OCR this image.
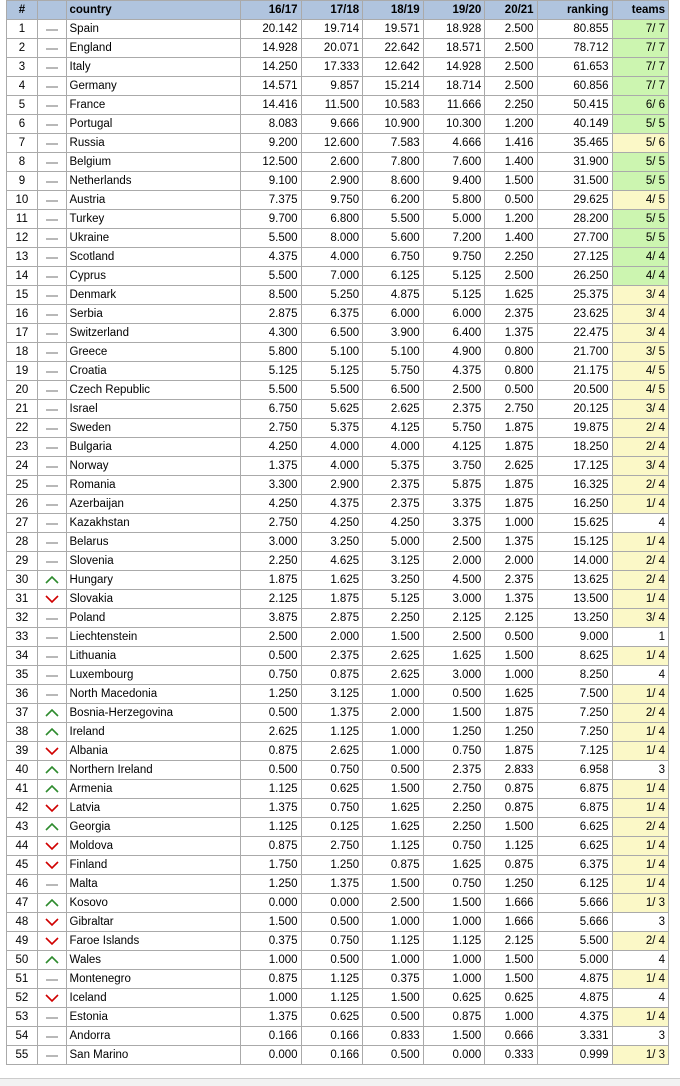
#		country	16/17	17/18	18/19	19/20	20/21	ranking	teams
1		Spain	20.142	19.714	19.571	18.928	2.500	80.855	7/ 7
2		England	14.928	20.071	22.642	18.571	2.500	78.712	7/ 7
3		Italy	14.250	17.333	12.642	14.928	2.500	61.653	7/ 7
4		Germany	14.571	9.857	15.214	18.714	2.500	60.856	7/ 7
5		France	14.416	11.500	10.583	11.666	2.250	50.415	6/ 6
6		Portugal	8.083	9.666	10.900	10.300	1.200	40.149	5/ 5
7		Russia	9.200	12.600	7.583	4.666	1.416	35.465	5/ 6
8		Belgium	12.500	2.600	7.800	7.600	1.400	31.900	5/ 5
9		Netherlands	9.100	2.900	8.600	9.400	1.500	31.500	5/ 5
10		Austria	7.375	9.750	6.200	5.800	0.500	29.625	4/ 5
11		Turkey	9.700	6.800	5.500	5.000	1.200	28.200	5/ 5
12		Ukraine	5.500	8.000	5.600	7.200	1.400	27.700	5/ 5
13		Scotland	4.375	4.000	6.750	9.750	2.250	27.125	4/ 4
14		Cyprus	5.500	7.000	6.125	5.125	2.500	26.250	4/ 4
15		Denmark	8.500	5.250	4.875	5.125	1.625	25.375	3/ 4
16		Serbia	2.875	6.375	6.000	6.000	2.375	23.625	3/ 4
17		Switzerland	4.300	6.500	3.900	6.400	1.375	22.475	3/ 4
18		Greece	5.800	5.100	5.100	4.900	0.800	21.700	3/ 5
19		Croatia	5.125	5.125	5.750	4.375	0.800	21.175	4/ 5
20		Czech Republic	5.500	5.500	6.500	2.500	0.500	20.500	4/ 5
21		Israel	6.750	5.625	2.625	2.375	2.750	20.125	3/ 4
22		Sweden	2.750	5.375	4.125	5.750	1.875	19.875	2/ 4
23		Bulgaria	4.250	4.000	4.000	4.125	1.875	18.250	2/ 4
24		Norway	1.375	4.000	5.375	3.750	2.625	17.125	3/ 4
25		Romania	3.300	2.900	2.375	5.875	1.875	16.325	2/ 4
26		Azerbaijan	4.250	4.375	2.375	3.375	1.875	16.250	1/ 4
27		Kazakhstan	2.750	4.250	4.250	3.375	1.000	15.625	4
28		Belarus	3.000	3.250	5.000	2.500	1.375	15.125	1/ 4
29		Slovenia	2.250	4.625	3.125	2.000	2.000	14.000	2/ 4
30		Hungary	1.875	1.625	3.250	4.500	2.375	13.625	2/ 4
31		Slovakia	2.125	1.875	5.125	3.000	1.375	13.500	1/ 4
32		Poland	3.875	2.875	2.250	2.125	2.125	13.250	3/ 4
33		Liechtenstein	2.500	2.000	1.500	2.500	0.500	9.000	1
34		Lithuania	0.500	2.375	2.625	1.625	1.500	8.625	1/ 4
35		Luxembourg	0.750	0.875	2.625	3.000	1.000	8.250	4
36		North Macedonia	1.250	3.125	1.000	0.500	1.625	7.500	1/ 4
37		Bosnia-Herzegovina	0.500	1.375	2.000	1.500	1.875	7.250	2/ 4
38		Ireland	2.625	1.125	1.000	1.250	1.250	7.250	1/ 4
39		Albania	0.875	2.625	1.000	0.750	1.875	7.125	1/ 4
40		Northern Ireland	0.500	0.750	0.500	2.375	2.833	6.958	3
41		Armenia	1.125	0.625	1.500	2.750	0.875	6.875	1/ 4
42		Latvia	1.375	0.750	1.625	2.250	0.875	6.875	1/ 4
43		Georgia	1.125	0.125	1.625	2.250	1.500	6.625	2/ 4
44		Moldova	0.875	2.750	1.125	0.750	1.125	6.625	1/ 4
45		Finland	1.750	1.250	0.875	1.625	0.875	6.375	1/ 4
46		Malta	1.250	1.375	1.500	0.750	1.250	6.125	1/ 4
47		Kosovo	0.000	0.000	2.500	1.500	1.666	5.666	1/ 3
48		Gibraltar	1.500	0.500	1.000	1.000	1.666	5.666	3
49		Faroe Islands	0.375	0.750	1.125	1.125	2.125	5.500	2/ 4
50		Wales	1.000	0.500	1.000	1.000	1.500	5.000	4
51		Montenegro	0.875	1.125	0.375	1.000	1.500	4.875	1/ 4
52		Iceland	1.000	1.125	1.500	0.625	0.625	4.875	4
53		Estonia	1.375	0.625	0.500	0.875	1.000	4.375	1/ 4
54		Andorra	0.166	0.166	0.833	1.500	0.666	3.331	3
55		San Marino	0.000	0.166	0.500	0.000	0.333	0.999	1/ 3
